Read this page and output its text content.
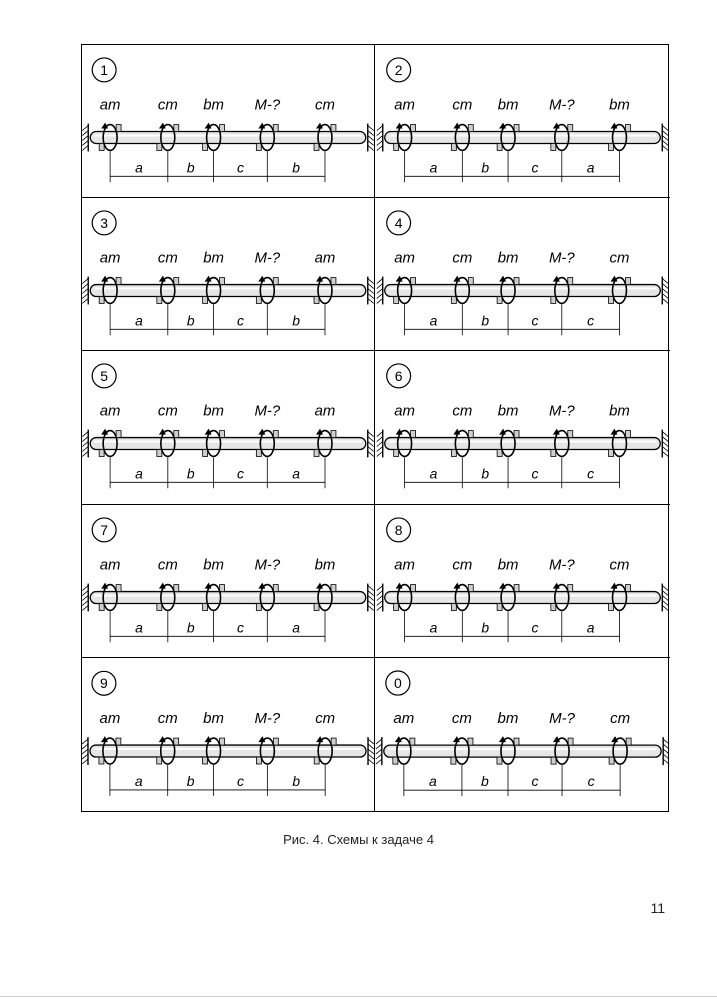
1
am cm bm M-? cm
a	b	c	b
2
am cm bm M-? bm
a	b	c	a
3
am cm bm M-? am
a	b	c	b
4
am cm bm M-? cm
a	b	c	c
5
am cm bm M-? am
a	b	c	a
6
am cm bm M-? bm
a	b	c	c
7
am cm bm M-? bm
a	b	c	a
8
am cm bm M-? cm
a	b	c	a
9
am cm bm M-? cm
a	b	c	b
0
am	cm bm M-? cm
a	b	c	c
Рис. 4. Схемы к задаче 4
11
